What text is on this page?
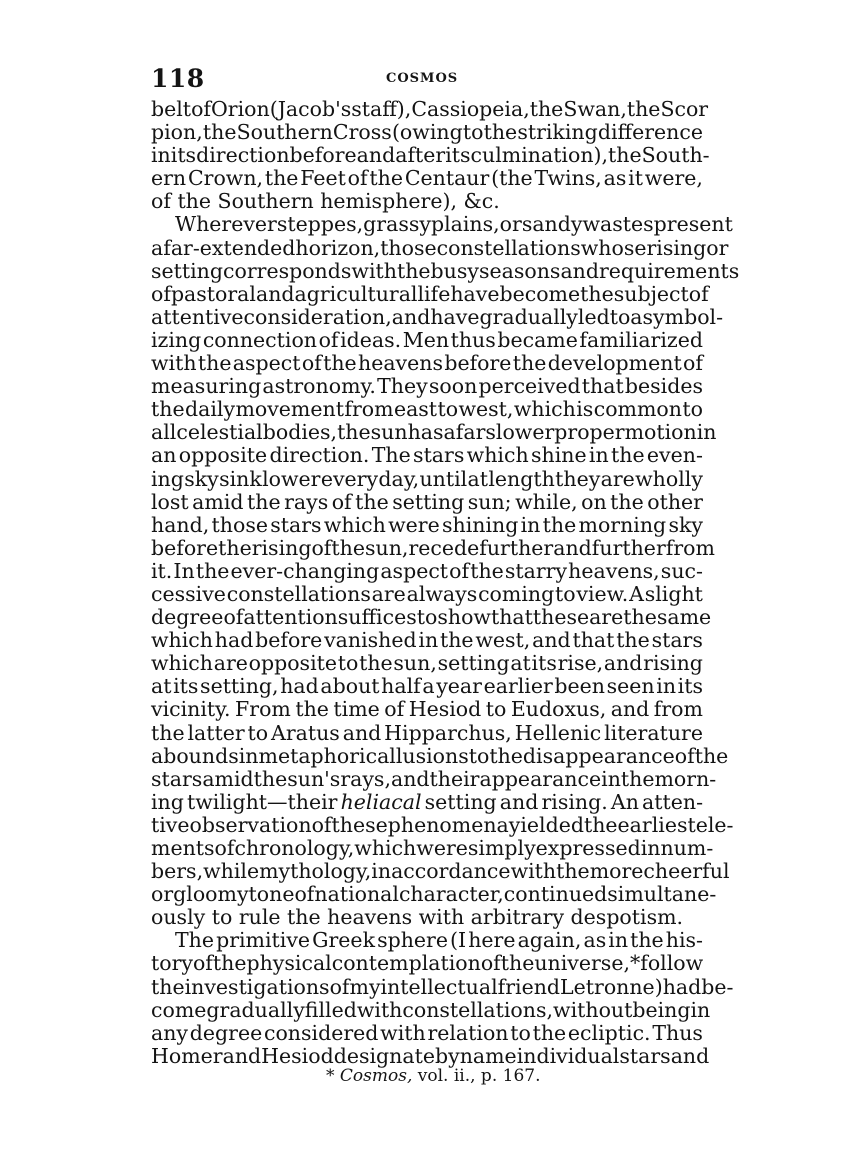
118	COSMOS
belt of Orion (Jacob's staff), Cassiopeia, the Swan, the Scor
pion, the Southern Cross (owing to the striking difference
in its direction before and after its culmination), the South-
ern Crown, the Feet of the Centaur (the Twins, as it were,
of the Southern hemisphere), &c.
Wherever steppes, grassy plains, or sandy wastes present
a far-extended horizon, those constellations whose rising or
setting corresponds with the busy seasons and requirements
of pastoral and agricultural life have become the subject of
attentive consideration, and have gradually led to a symbol-
izing connection of ideas. Men thus became familiarized
with the aspect of the heavens before the development of
measuring astronomy. They soon perceived that besides
the daily movement from east to west, which is common to
all celestial bodies, the sun has a far slower proper motion in
an opposite direction. The stars which shine in the even-
ing sky sink lower every day, until at length they are wholly
lost amid the rays of the setting sun; while, on the other
hand, those stars which were shining in the morning sky
before the rising of the sun, recede further and further from
it. In the ever-changing aspect of the starry heavens, suc-
cessive constellations are always coming to view. A slight
degree of attention suffices to show that these are the same
which had before vanished in the west, and that the stars
which are opposite to the sun, setting at its rise, and rising
at its setting, had about half a year earlier been seen in its
vicinity. From the time of Hesiod to Eudoxus, and from
the latter to Aratus and Hipparchus, Hellenic literature
abounds in metaphoric allusions to the disappearance of the
stars amid the sun's rays, and their appearance in the morn-
ing twilight—their heliacal setting and rising. An atten-
tive observation of these phenomena yielded the earliest ele-
ments of chronology, which were simply expressed in num-
bers, while mythology, in accordance with the more cheerful
or gloomy tone of national character, continued simultane-
ously to rule the heavens with arbitrary despotism.
The primitive Greek sphere (I here again, as in the his-
tory of the physical contemplation of the universe,* follow
the investigations of my intellectual friend Letronne) had be-
come gradually filled with constellations, without being in
any degree considered with relation to the ecliptic. Thus
Homer and Hesiod designate by name individual stars and
* Cosmos, vol. ii., p. 167.
